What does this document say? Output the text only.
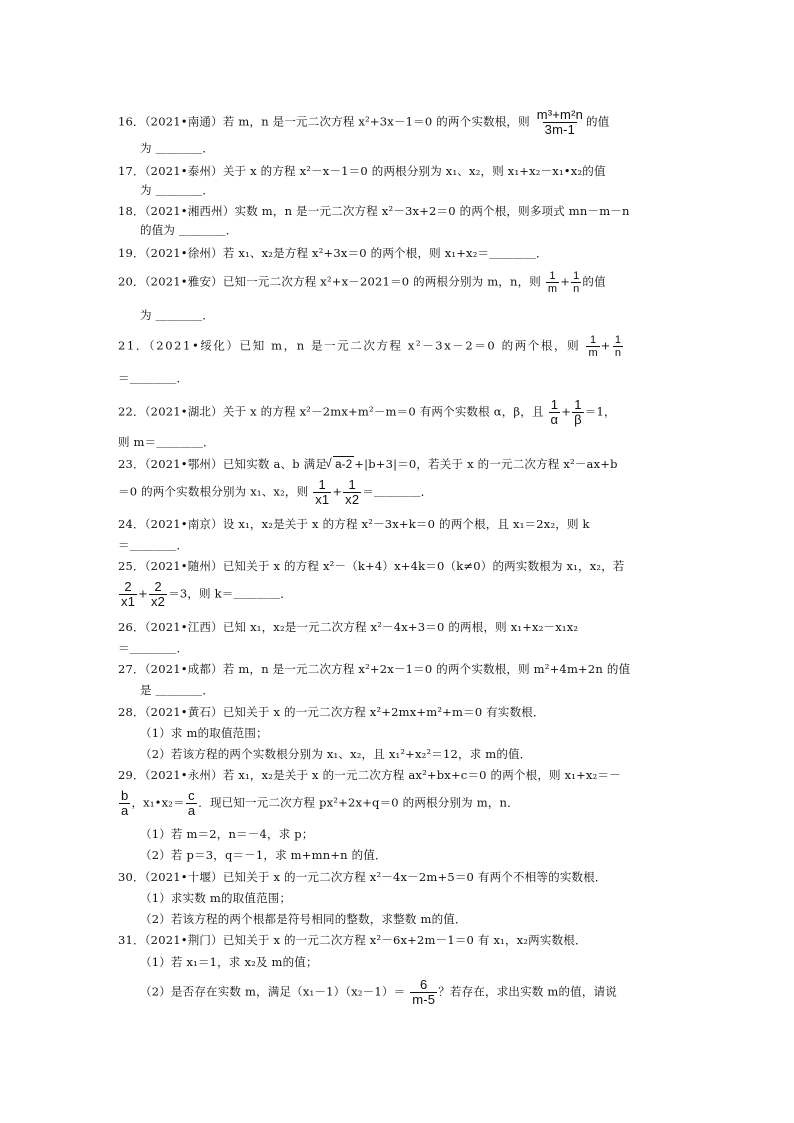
16．（2021•南通）若 m，n 是一元二次方程 x²+3x－1＝0 的两个实数根，则 $\frac{\text{m³+m²n}}{3m-1}$ 的值
为 ＿＿＿＿．
17．（2021•泰州）关于 x 的方程 x²－x－1＝0 的两根分别为 x₁、x₂，则 x₁+x₂－x₁•x₂的值
为 ＿＿＿＿．
18．（2021•湘西州）实数 m，n 是一元二次方程 x²－3x+2＝0 的两个根，则多项式 mn－m－n
的值为 ＿＿＿＿．
19．（2021•徐州）若 x₁、x₂是方程 x²+3x＝0 的两个根，则 x₁+x₂＝＿＿＿＿．
20．（2021•雅安）已知一元二次方程 x²+x－2021＝0 的两根分别为 m，n，则 $\frac{1}{m} + \frac{1}{n}$ 的值
为 ＿＿＿＿．
21．（2021•绥化）已知 m，n 是一元二次方程 x²－3x－2＝0 的两个根，则 $\frac{1}{m} + \frac{1}{n}$
＝＿＿＿＿．
22．（2021•湖北）关于 x 的方程 x²－2mx+m²－m＝0 有两个实数根 α，β，且 $\frac{1}{\alpha} + \frac{1}{\beta} =1$，
则 m＝＿＿＿＿．
23．（2021•鄂州）已知实数 a、b 满足√ a-2 +|b+3|＝0，若关于 x 的一元二次方程 x²－ax+b
＝0 的两个实数根分别为 x₁、x₂，则 $\frac{1}{x1} + \frac{1}{x2}$ ＝＿＿＿＿．
24．（2021•南京）设 x₁，x₂是关于 x 的方程 x²－3x+k＝0 的两个根，且 x₁＝2x₂，则 k
＝＿＿＿＿．
25．（2021•随州）已知关于 x 的方程 x²－（k+4）x+4k＝0（k≠0）的两实数根为 x₁，x₂，若
$\frac{2}{x1} + \frac{2}{x2} =3$，则 k＝＿＿＿＿．
26．（2021•江西）已知 x₁，x₂是一元二次方程 x²－4x+3＝0 的两根，则 x₁+x₂－x₁x₂
＝＿＿＿＿．
27．（2021•成都）若 m，n 是一元二次方程 x²+2x－1＝0 的两个实数根，则 m²+4m+2n 的值
是 ＿＿＿＿．
28．（2021•黄石）已知关于 x 的一元二次方程 x²+2mx+m²+m＝0 有实数根．
（1）求 m的取值范围；
（2）若该方程的两个实数根分别为 x₁、x₂，且 x₁²+x₂²＝12，求 m的值．
29．（2021•永州）若 x₁，x₂是关于 x 的一元二次方程 ax²+bx+c＝0 的两个根，则 x₁+x₂＝－
$\frac{b}{a}$ ，x₁•x₂＝ $\frac{c}{a}$ ．现已知一元二次方程 px²+2x+q＝0 的两根分别为 m，n．
（1）若 m＝2，n＝－4，求 p；
（2）若 p＝3，q＝－1，求 m+mn+n 的值．
30．（2021•十堰）已知关于 x 的一元二次方程 x²－4x－2m+5＝0 有两个不相等的实数根．
（1）求实数 m的取值范围；
（2）若该方程的两个根都是符号相同的整数，求整数 m的值．
31．（2021•荆门）已知关于 x 的一元二次方程 x²－6x+2m－1＝0 有 x₁，x₂两实数根．
（1）若 x₁＝1，求 x₂及 m的值；
（2）是否存在实数 m，满足$(x_1-1)(x_2-1)= \frac{6}{m-5}$ ？若存在，求出实数 m的值，请说
